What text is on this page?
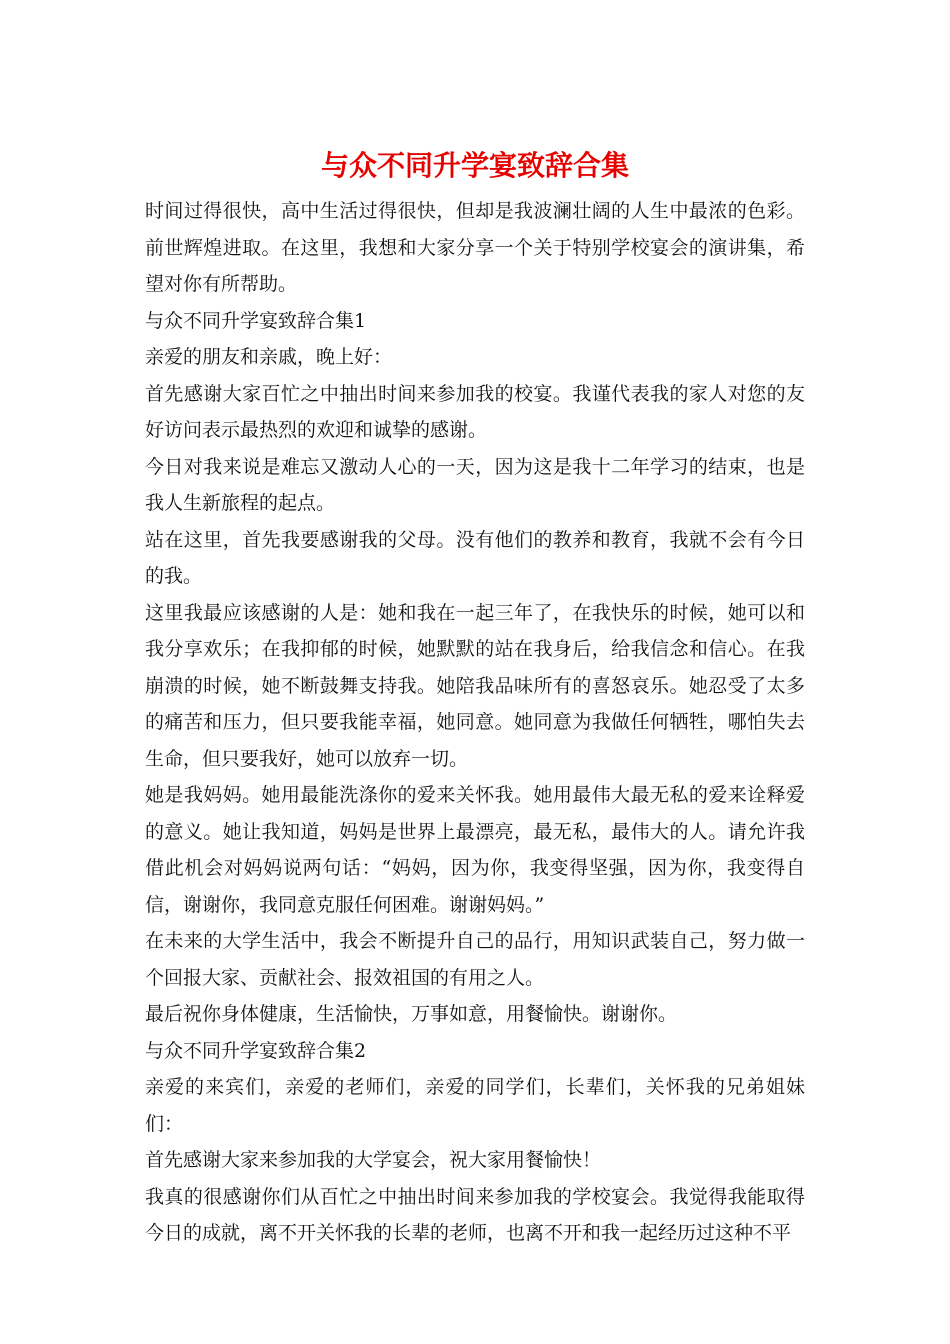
与众不同升学宴致辞合集

时间过得很快，高中生活过得很快，但却是我波澜壮阔的人生中最浓的色彩。前世辉煌进取。在这里，我想和大家分享一个关于特别学校宴会的演讲集，希望对你有所帮助。

与众不同升学宴致辞合集1

亲爱的朋友和亲戚，晚上好：

首先感谢大家百忙之中抽出时间来参加我的校宴。我谨代表我的家人对您的友好访问表示最热烈的欢迎和诚挚的感谢。

今日对我来说是难忘又激动人心的一天，因为这是我十二年学习的结束，也是我人生新旅程的起点。

站在这里，首先我要感谢我的父母。没有他们的教养和教育，我就不会有今日的我。

这里我最应该感谢的人是：她和我在一起三年了，在我快乐的时候，她可以和我分享欢乐；在我抑郁的时候，她默默的站在我身后，给我信念和信心。在我崩溃的时候，她不断鼓舞支持我。她陪我品味所有的喜怒哀乐。她忍受了太多的痛苦和压力，但只要我能幸福，她同意。她同意为我做任何牺牲，哪怕失去生命，但只要我好，她可以放弃一切。

她是我妈妈。她用最能洗涤你的爱来关怀我。她用最伟大最无私的爱来诠释爱的意义。她让我知道，妈妈是世界上最漂亮，最无私，最伟大的人。请允许我借此机会对妈妈说两句话：“妈妈，因为你，我变得坚强，因为你，我变得自信，谢谢你，我同意克服任何困难。谢谢妈妈。”

在未来的大学生活中，我会不断提升自己的品行，用知识武装自己，努力做一个回报大家、贡献社会、报效祖国的有用之人。

最后祝你身体健康，生活愉快，万事如意，用餐愉快。谢谢你。

与众不同升学宴致辞合集2

亲爱的来宾们，亲爱的老师们，亲爱的同学们，长辈们，关怀我的兄弟姐妹们：

首先感谢大家来参加我的大学宴会，祝大家用餐愉快！

我真的很感谢你们从百忙之中抽出时间来参加我的学校宴会。我觉得我能取得今日的成就，离不开关怀我的长辈的老师，也离不开和我一起经历过这种不平
